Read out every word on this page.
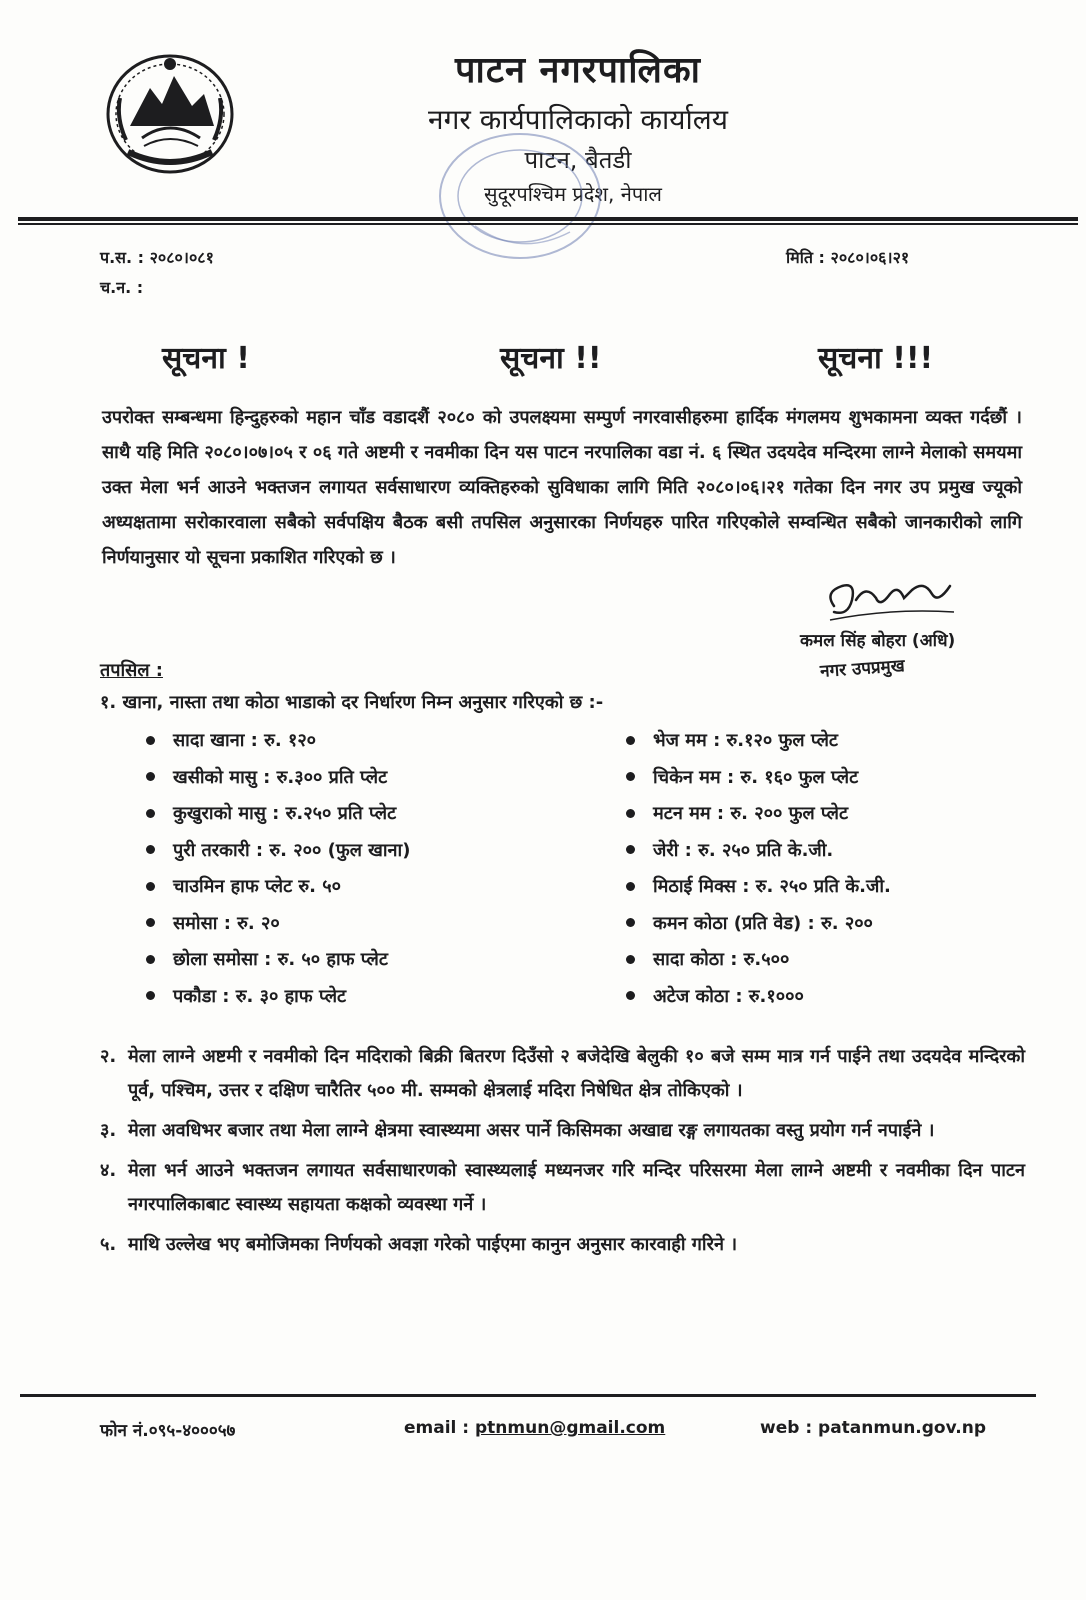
पाटन नगरपालिका
नगर कार्यपालिकाको कार्यालय
पाटन, बैतडी
सुदूरपश्चिम प्रदेश, नेपाल
प.स. : २०८०।०८१
च.न. :
मिति : २०८०।०६।२१
सूचना !	सूचना !!	सूचना !!!
उपरोक्त सम्बन्धमा हिन्दुहरुको महान चाँड वडादशैं २०८० को उपलक्ष्यमा सम्पुर्ण नगरवासीहरुमा हार्दिक मंगलमय शुभकामना व्यक्त गर्दछौं । साथै यहि मिति २०८०।०७।०५ र ०६ गते अष्टमी र नवमीका दिन यस पाटन नरपालिका वडा नं. ६ स्थित उदयदेव मन्दिरमा लाग्ने मेलाको समयमा उक्त मेला भर्न आउने भक्तजन लगायत सर्वसाधारण व्यक्तिहरुको सुविधाका लागि मिति २०८०।०६।२१ गतेका दिन नगर उप प्रमुख ज्यूको अध्यक्षतामा सरोकारवाला सबैको सर्वपक्षिय बैठक बसी तपसिल अनुसारका निर्णयहरु पारित गरिएकोले सम्वन्धित सबैको जानकारीको लागि निर्णयानुसार यो सूचना प्रकाशित गरिएको छ ।
कमल सिंह बोहरा (अधि)
नगर उपप्रमुख
तपसिल :
१. खाना, नास्ता तथा कोठा भाडाको दर निर्धारण निम्न अनुसार गरिएको छ :-
सादा खाना : रु. १२०
खसीको मासु : रु.३०० प्रति प्लेट
कुखुराको मासु : रु.२५० प्रति प्लेट
पुरी तरकारी : रु. २०० (फुल खाना)
चाउमिन हाफ प्लेट रु. ५०
समोसा : रु. २०
छोला समोसा : रु. ५० हाफ प्लेट
पकौडा : रु. ३० हाफ प्लेट
भेज मम : रु.१२० फुल प्लेट
चिकेन मम : रु. १६० फुल प्लेट
मटन मम : रु. २०० फुल प्लेट
जेरी : रु. २५० प्रति के.जी.
मिठाई मिक्स : रु. २५० प्रति के.जी.
कमन कोठा (प्रति वेड) : रु. २००
सादा कोठा : रु.५००
अटेज कोठा : रु.१०००
२. मेला लाग्ने अष्टमी र नवमीको दिन मदिराको बिक्री बितरण दिउँसो २ बजेदेखि बेलुकी १० बजे सम्म मात्र गर्न पाईने तथा उदयदेव मन्दिरको पूर्व, पश्चिम, उत्तर र दक्षिण चारैतिर ५०० मी. सम्मको क्षेत्रलाई मदिरा निषेधित क्षेत्र तोकिएको ।
३. मेला अवधिभर बजार तथा मेला लाग्ने क्षेत्रमा स्वास्थ्यमा असर पार्ने किसिमका अखाद्य रङ्ग लगायतका वस्तु प्रयोग गर्न नपाईने ।
४. मेला भर्न आउने भक्तजन लगायत सर्वसाधारणको स्वास्थ्यलाई मध्यनजर गरि मन्दिर परिसरमा मेला लाग्ने अष्टमी र नवमीका दिन पाटन नगरपालिकाबाट स्वास्थ्य सहायता कक्षको व्यवस्था गर्ने ।
५. माथि उल्लेख भए बमोजिमका निर्णयको अवज्ञा गरेको पाईएमा कानुन अनुसार कारवाही गरिने ।
फोन नं.०९५-४०००५७	email : ptnmun@gmail.com	web : patanmun.gov.np
